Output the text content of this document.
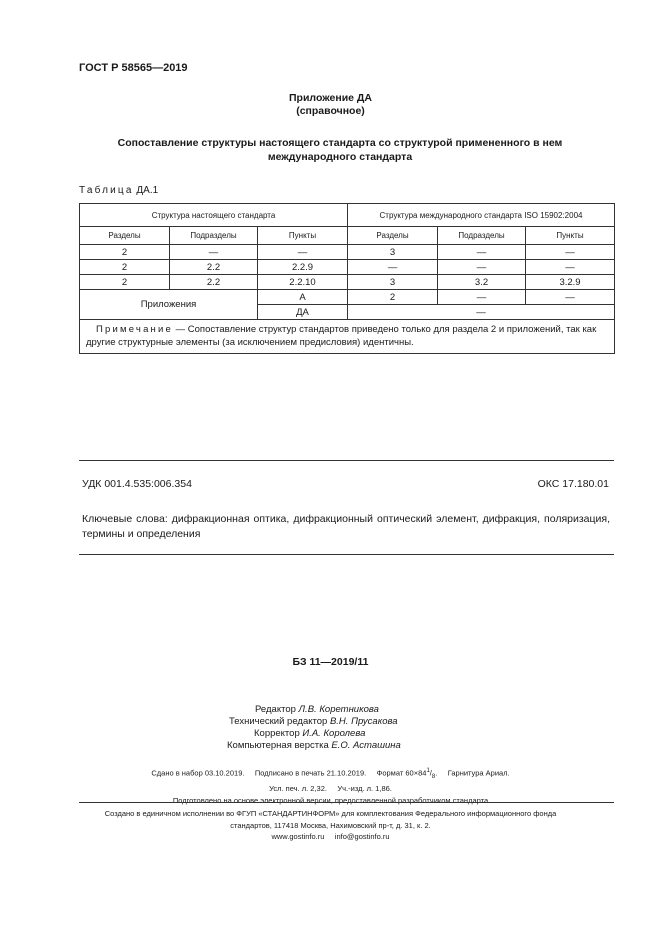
ГОСТ Р 58565—2019
Приложение ДА
(справочное)
Сопоставление структуры настоящего стандарта со структурой примененного в нем
международного стандарта
Таблица ДА.1
Структура настоящего стандарта			Структура международного стандарта ISO 15902:2004		
Разделы	Подразделы	Пункты	Разделы	Подразделы	Пункты
2	—	—	3	—	—
2	2.2	2.2.9	—	—	—
2	2.2	2.2.10	3	3.2	3.2.9
Приложения		А	2	—	—
		ДА	—		
Примечание — Сопоставление структур стандартов приведено только для раздела 2 и приложений, так как другие структурные элементы (за исключением предисловия) идентичны.					
УДК 001.4.535:006.354	ОКС 17.180.01
Ключевые слова: дифракционная оптика, дифракционный оптический элемент, дифракция, поляризация, термины и определения
БЗ 11—2019/11
Редактор Л.В. Коретникова
Технический редактор В.Н. Прусакова
Корректор И.А. Королева
Компьютерная верстка Е.О. Асташина
Сдано в набор 03.10.2019.     Подписано в печать 21.10.2019.     Формат $60\times 84^1/_8$.     Гарнитура Ариал.
Усл. печ. л. 2,32.     Уч.-изд. л. 1,86.
Подготовлено на основе электронной версии, предоставленной разработчиком стандарта
Создано в единичном исполнении во ФГУП «СТАНДАРТИНФОРМ» для комплектования Федерального информационного фонда
стандартов, 117418 Москва, Нахимовский пр-т, д. 31, к. 2.
www.gostinfo.ru     info@gostinfo.ru
